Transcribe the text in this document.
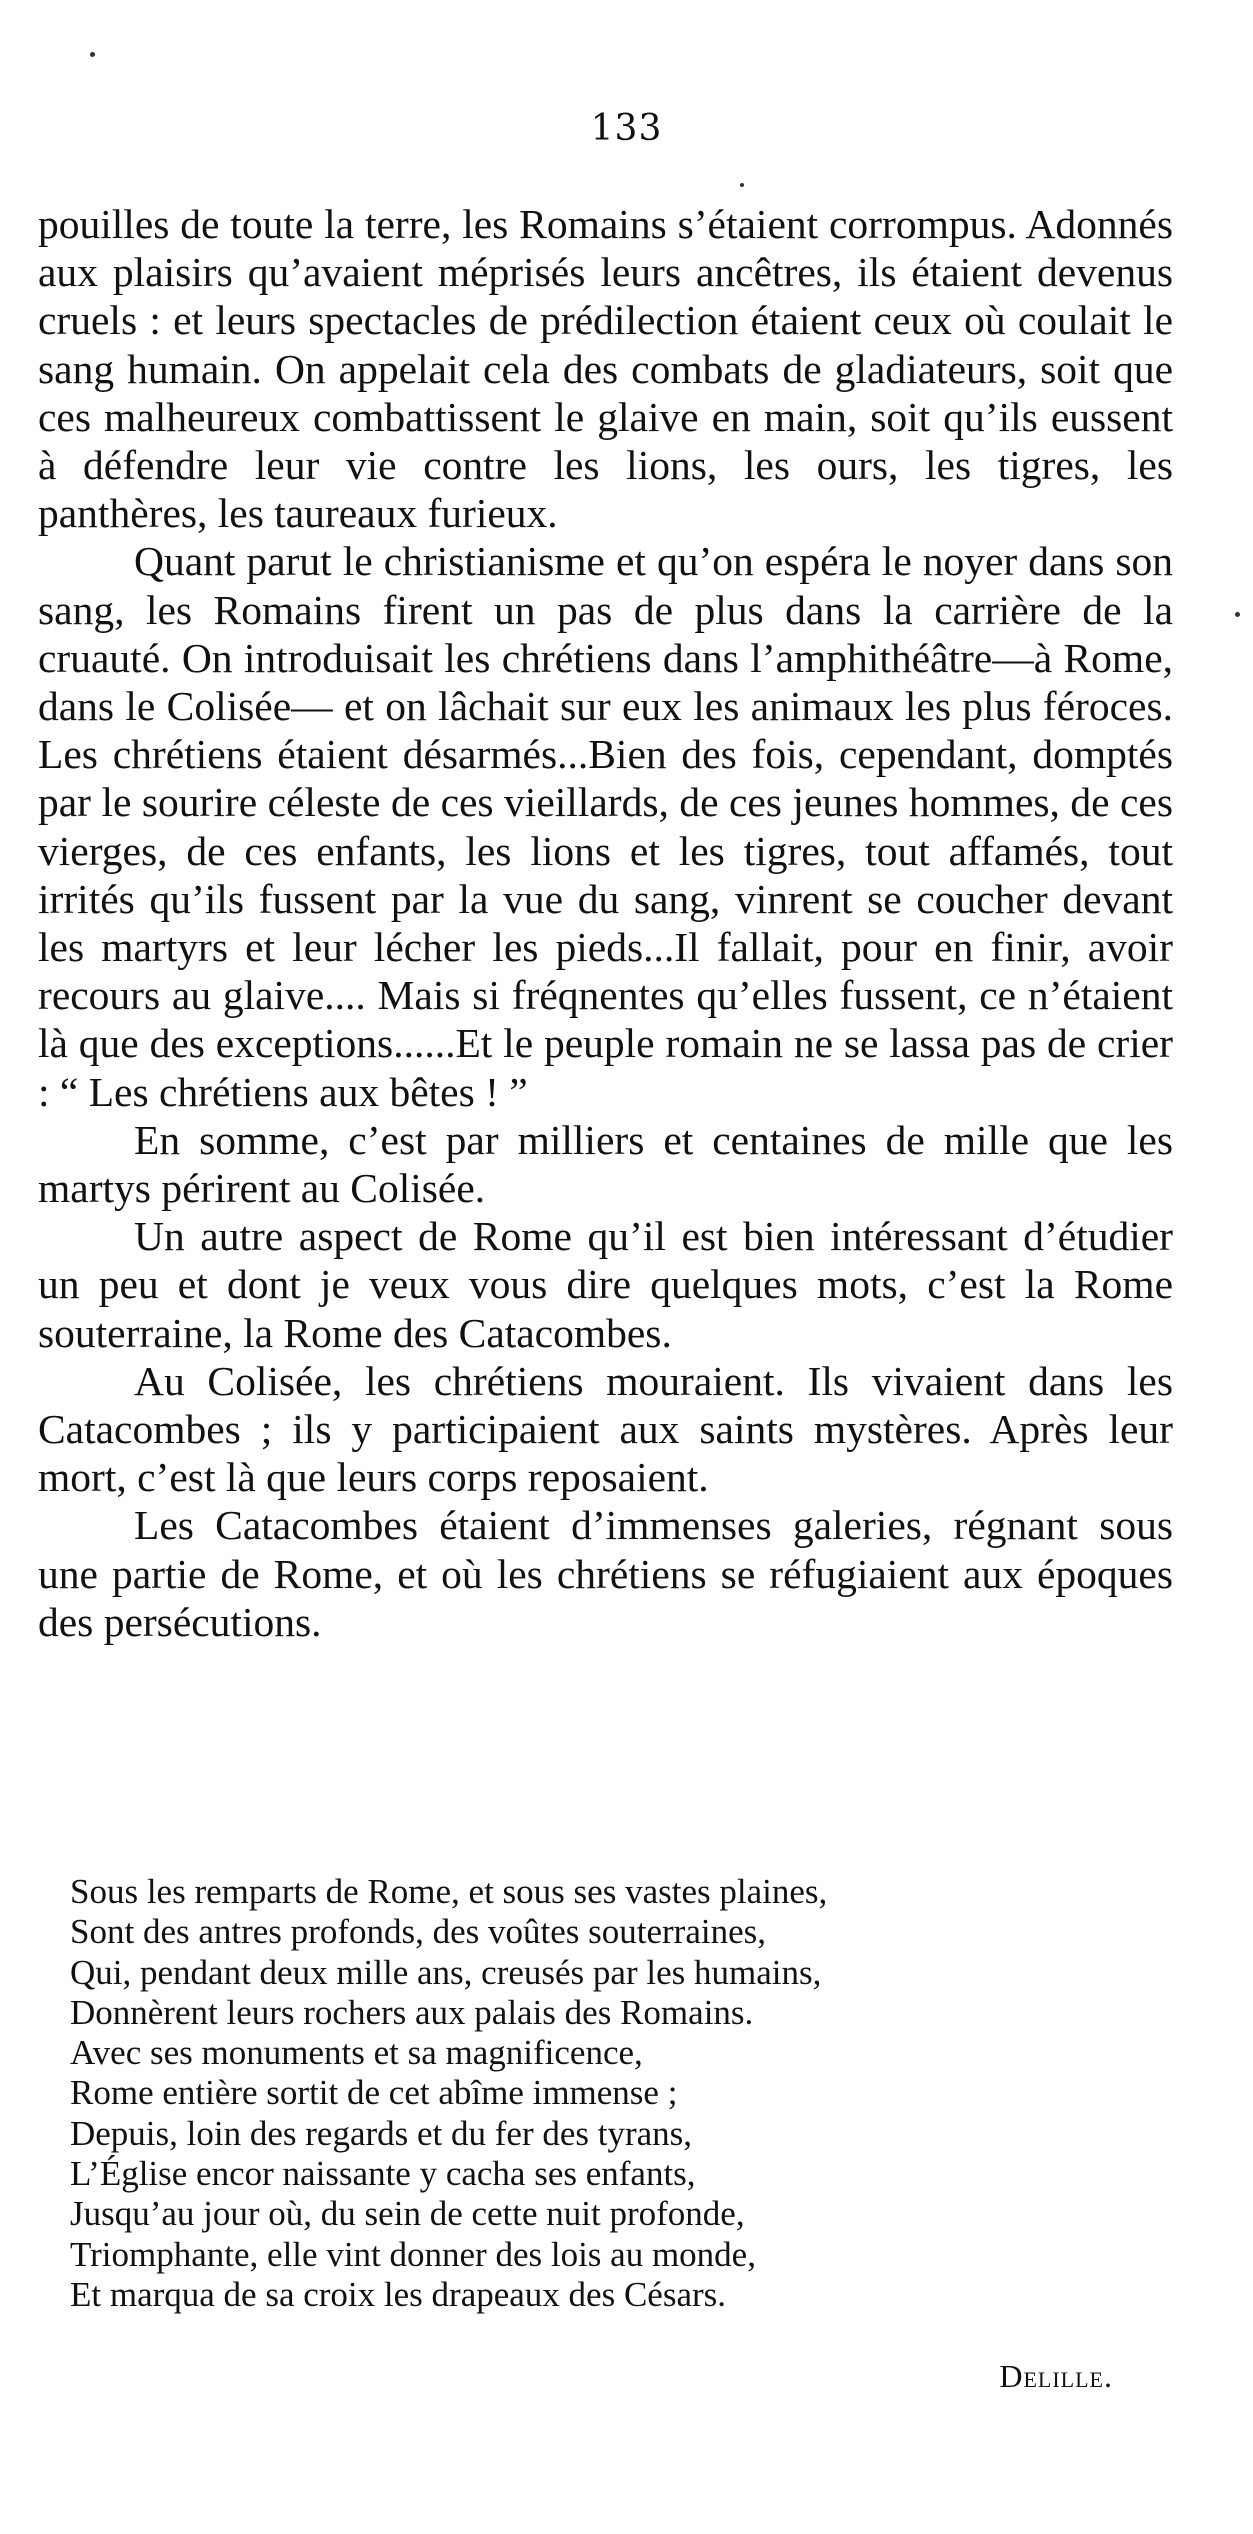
133

pouilles de toute la terre, les Romains s’étaient corrompus. Adonnés aux plaisirs qu’avaient méprisés leurs ancêtres, ils étaient devenus cruels : et leurs spectacles de prédilection étaient ceux où coulait le sang humain. On appelait cela des combats de gladiateurs, soit que ces malheureux combattissent le glaive en main, soit qu’ils eussent à défendre leur vie contre les lions, les ours, les tigres, les panthères, les taureaux furieux.

Quant parut le christianisme et qu’on espéra le noyer dans son sang, les Romains firent un pas de plus dans la carrière de la cruauté. On introduisait les chrétiens dans l’amphithéâtre—à Rome, dans le Colisée— et on lâchait sur eux les animaux les plus féroces. Les chrétiens étaient désarmés...Bien des fois, cependant, domptés par le sourire céleste de ces vieillards, de ces jeunes hommes, de ces vierges, de ces enfants, les lions et les tigres, tout affamés, tout irrités qu’ils fussent par la vue du sang, vinrent se coucher devant les martyrs et leur lécher les pieds...Il fallait, pour en finir, avoir recours au glaive.... Mais si fréqnentes qu’elles fussent, ce n’étaient là que des exceptions......Et le peuple romain ne se lassa pas de crier : “ Les chrétiens aux bêtes ! ”

En somme, c’est par milliers et centaines de mille que les martys périrent au Colisée.

Un autre aspect de Rome qu’il est bien intéressant d’étudier un peu et dont je veux vous dire quelques mots, c’est la Rome souterraine, la Rome des Catacombes.

Au Colisée, les chrétiens mouraient. Ils vivaient dans les Catacombes ; ils y participaient aux saints mystères. Après leur mort, c’est là que leurs corps reposaient.

Les Catacombes étaient d’immenses galeries, régnant sous une partie de Rome, et où les chrétiens se réfugiaient aux époques des persécutions.

Sous les remparts de Rome, et sous ses vastes plaines,
Sont des antres profonds, des voûtes souterraines,
Qui, pendant deux mille ans, creusés par les humains,
Donnèrent leurs rochers aux palais des Romains.
Avec ses monuments et sa magnificence,
Rome entière sortit de cet abîme immense ;
Depuis, loin des regards et du fer des tyrans,
L’Église encor naissante y cacha ses enfants,
Jusqu’au jour où, du sein de cette nuit profonde,
Triomphante, elle vint donner des lois au monde,
Et marqua de sa croix les drapeaux des Césars.
Delille.
